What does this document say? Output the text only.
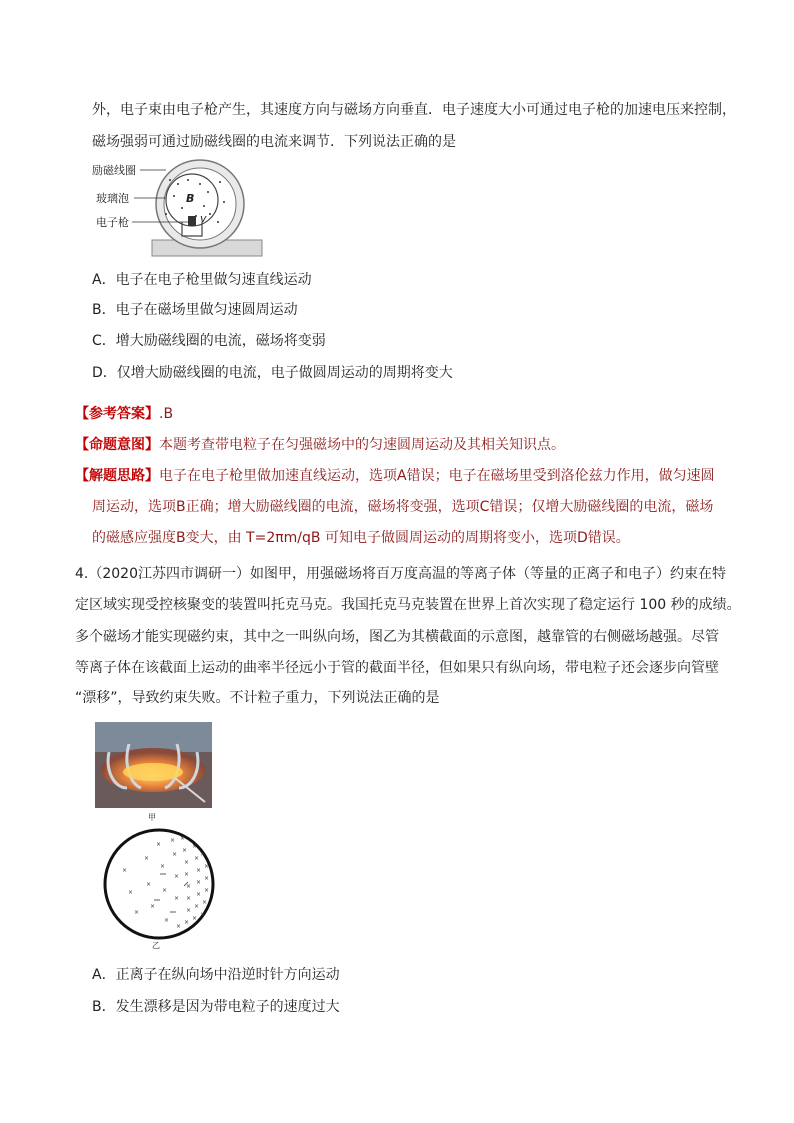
外，电子束由电子枪产生，其速度方向与磁场方向垂直．电子速度大小可通过电子枪的加速电压来控制，
磁场强弱可通过励磁线圈的电流来调节．下列说法正确的是
励磁线圈
玻璃泡
电子枪
B
v
A．电子在电子枪里做匀速直线运动
B．电子在磁场里做匀速圆周运动
C．增大励磁线圈的电流，磁场将变弱
D．仅增大励磁线圈的电流，电子做圆周运动的周期将变大
【参考答案】.B
【命题意图】本题考查带电粒子在匀强磁场中的匀速圆周运动及其相关知识点。
【解题思路】电子在电子枪里做加速直线运动，选项A错误；电子在磁场里受到洛伦兹力作用，做匀速圆
周运动，选项B正确；增大励磁线圈的电流，磁场将变强，选项C错误；仅增大励磁线圈的电流，磁场
的磁感应强度B变大，由 T=2πm/qB 可知电子做圆周运动的周期将变小，选项D错误。
4.（2020江苏四市调研一）如图甲，用强磁场将百万度高温的等离子体（等量的正离子和电子）约束在特
定区域实现受控核聚变的装置叫托克马克。我国托克马克装置在世界上首次实现了稳定运行 100 秒的成绩。
多个磁场才能实现磁约束，其中之一叫纵向场，图乙为其横截面的示意图，越靠管的右侧磁场越强。尽管
等离子体在该截面上运动的曲率半径远小于管的截面半径，但如果只有纵向场，带电粒子还会逐步向管壁
“漂移”，导致约束失败。不计粒子重力，下列说法正确的是
甲
×
×
×
×
×
×
×
×
×
×
×
×
×
×
×
×
×
×
×
×
×
×
×
×
×
×
×
×
×
×
×
×
×
×
×
×
乙
A．正离子在纵向场中沿逆时针方向运动
B．发生漂移是因为带电粒子的速度过大
